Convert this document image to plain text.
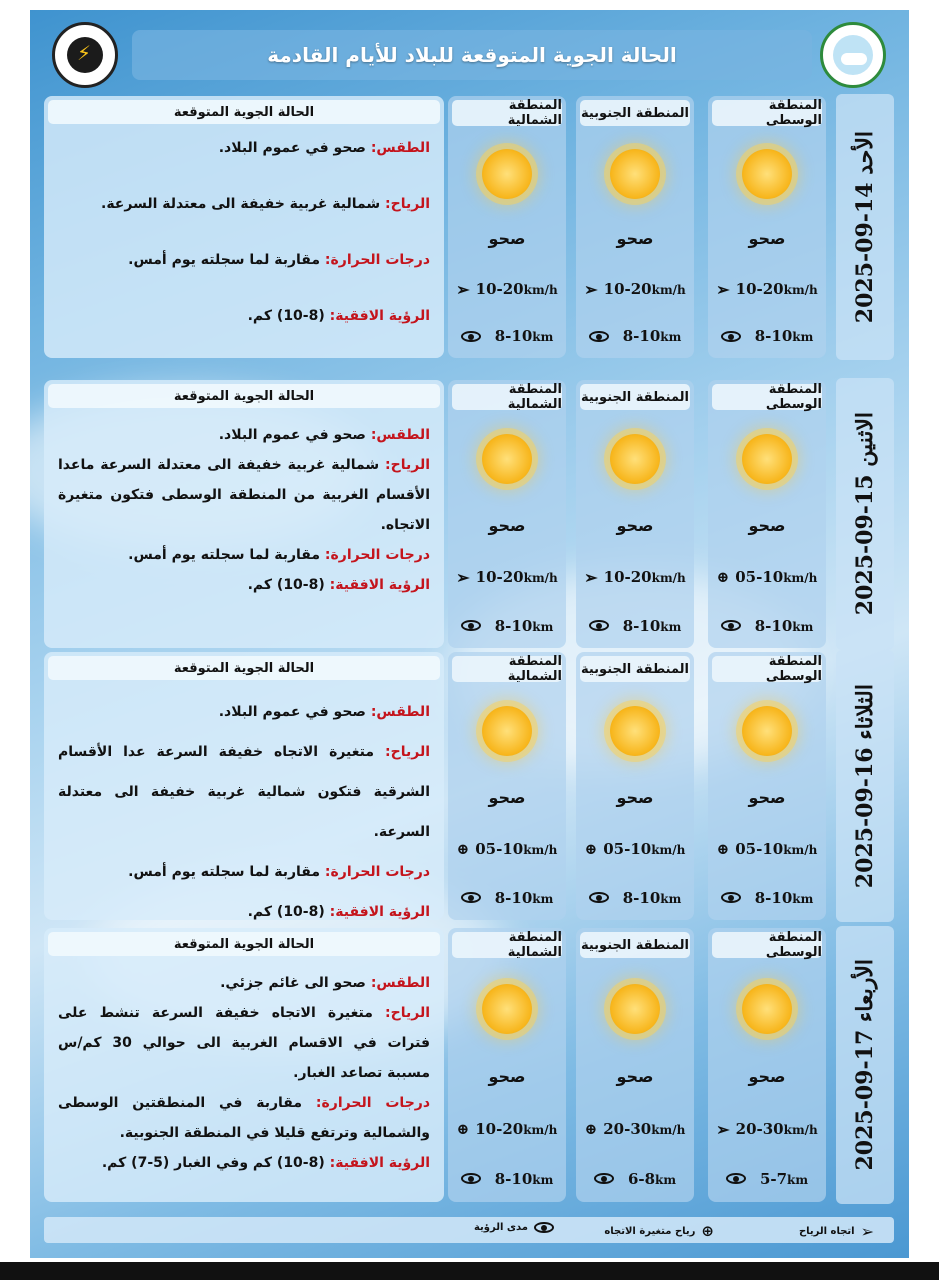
⚡	الحالة الجوية المتوقعة للبلاد للأيام القادمة
الأحد 14-09-2025
المنطقة الوسطى
صحو
➢ 10-20km/h
8-10km
المنطقة الجنوبية
صحو
➢ 10-20km/h
8-10km
المنطقة الشمالية
صحو
➢ 10-20km/h
8-10km
الحالة الجوية المتوقعة

الطقس: صحو في عموم البلاد.

الرياح: شمالية غربية خفيفة الى معتدلة السرعة.

درجات الحرارة: مقاربة لما سجلته يوم أمس.

الرؤية الافقية: (8-10) كم.

الاثنين 15-09-2025
المنطقة الوسطى
صحو
⊕ 05-10km/h
8-10km
المنطقة الجنوبية
صحو
➢ 10-20km/h
8-10km
المنطقة الشمالية
صحو
➢ 10-20km/h
8-10km
الحالة الجوية المتوقعة

الطقس: صحو في عموم البلاد.

الرياح: شمالية غربية خفيفة الى معتدلة السرعة ماعدا الأقسام الغربية من المنطقة الوسطى فتكون متغيرة الاتجاه.

درجات الحرارة: مقاربة لما سجلته يوم أمس.

الرؤية الافقية: (8-10) كم.

الثلاثاء 16-09-2025
المنطقة الوسطى
صحو
⊕ 05-10km/h
8-10km
المنطقة الجنوبية
صحو
⊕ 05-10km/h
8-10km
المنطقة الشمالية
صحو
⊕ 05-10km/h
8-10km
الحالة الجوية المتوقعة

الطقس: صحو في عموم البلاد.

الرياح: متغيرة الاتجاه خفيفة السرعة عدا الأقسام الشرقية فتكون شمالية غربية خفيفة الى معتدلة السرعة.

درجات الحرارة: مقاربة لما سجلته يوم أمس.

الرؤية الافقية: (8-10) كم.

الأربعاء 17-09-2025
المنطقة الوسطى
صحو
➢ 20-30km/h
5-7km
المنطقة الجنوبية
صحو
⊕ 20-30km/h
6-8km
المنطقة الشمالية
صحو
⊕ 10-20km/h
8-10km
الحالة الجوية المتوقعة

الطقس: صحو الى غائم جزئي.

الرياح: متغيرة الاتجاه خفيفة السرعة تنشط على فترات في الاقسام الغربية الى حوالي 30 كم/س مسببة تصاعد الغبار.

درجات الحرارة: مقاربة في المنطقتين الوسطى والشمالية وترتفع قليلا في المنطقة الجنوبية.

الرؤية الافقية: (8-10) كم وفي الغبار (5-7) كم.

➢
اتجاه الرياح
⊕
رياح متغيرة الاتجاه
مدى الرؤية
